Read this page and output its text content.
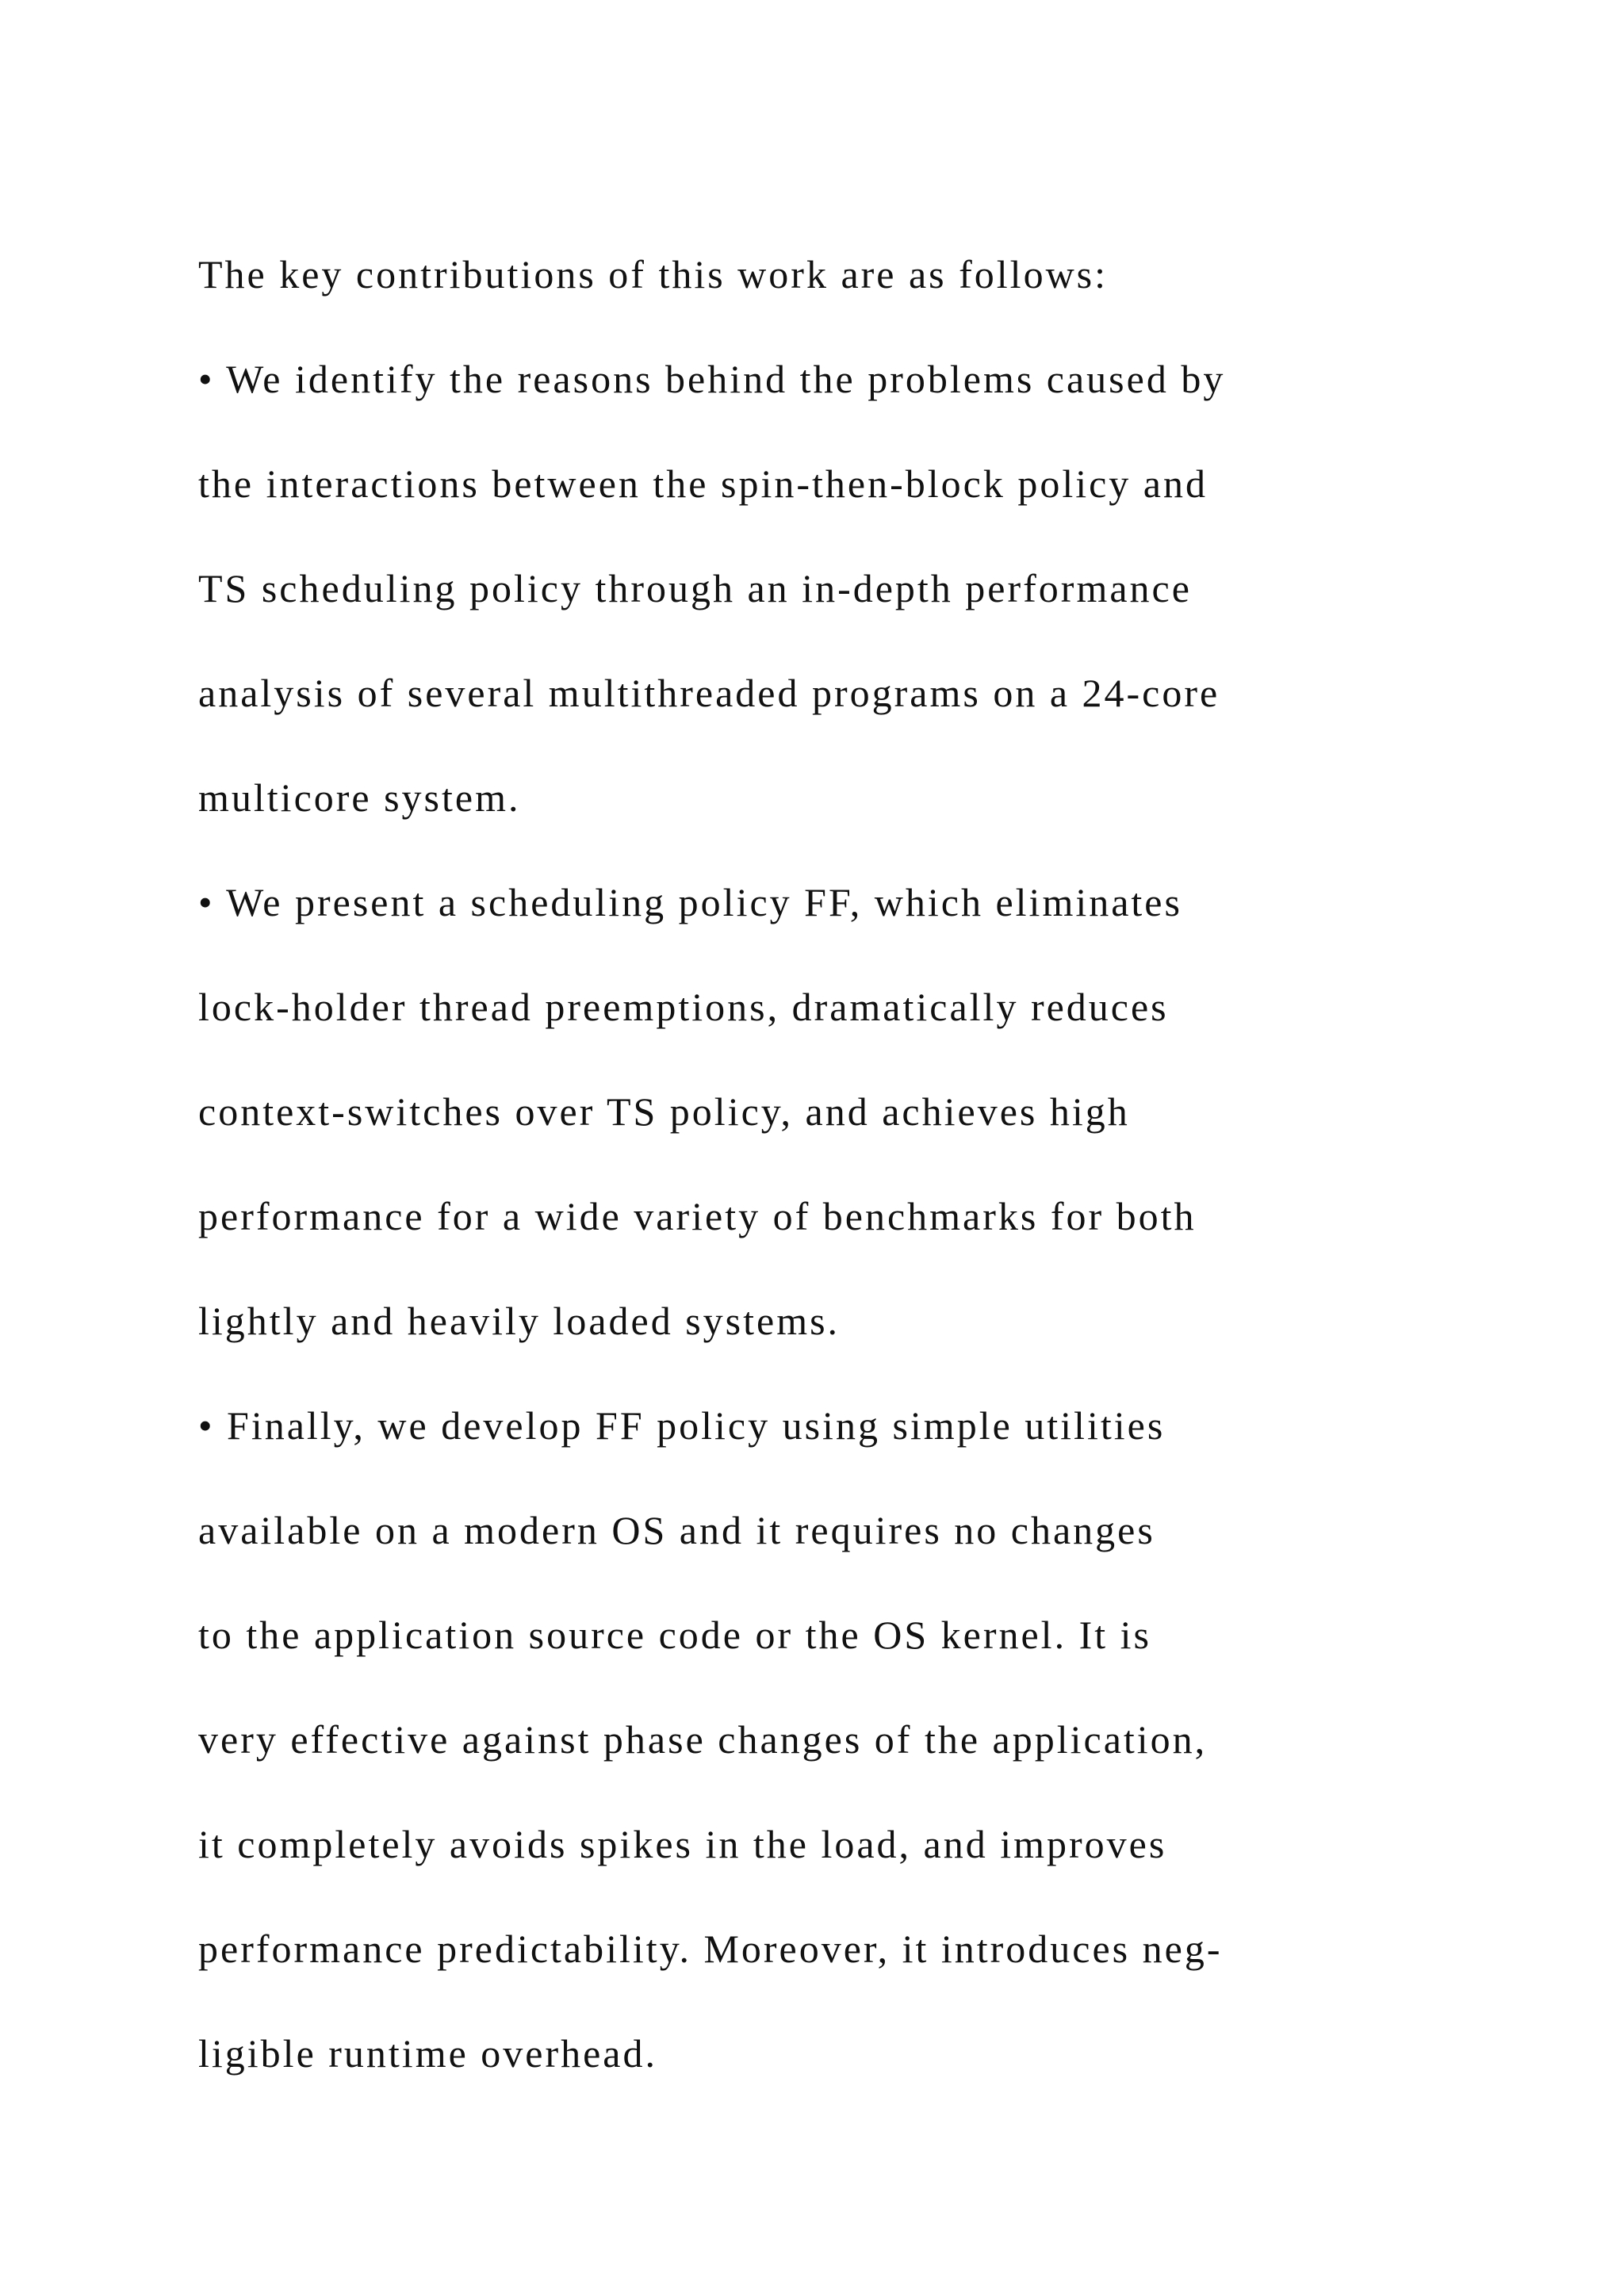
The key contributions of this work are as follows:
• We identify the reasons behind the problems caused by
the interactions between the spin-then-block policy and
TS scheduling policy through an in-depth performance
analysis of several multithreaded programs on a 24-core
multicore system.
• We present a scheduling policy FF, which eliminates
lock-holder thread preemptions, dramatically reduces
context-switches over TS policy, and achieves high
performance for a wide variety of benchmarks for both
lightly and heavily loaded systems.
• Finally, we develop FF policy using simple utilities
available on a modern OS and it requires no changes
to the application source code or the OS kernel. It is
very effective against phase changes of the application,
it completely avoids spikes in the load, and improves
performance predictability. Moreover, it introduces neg-
ligible runtime overhead.
